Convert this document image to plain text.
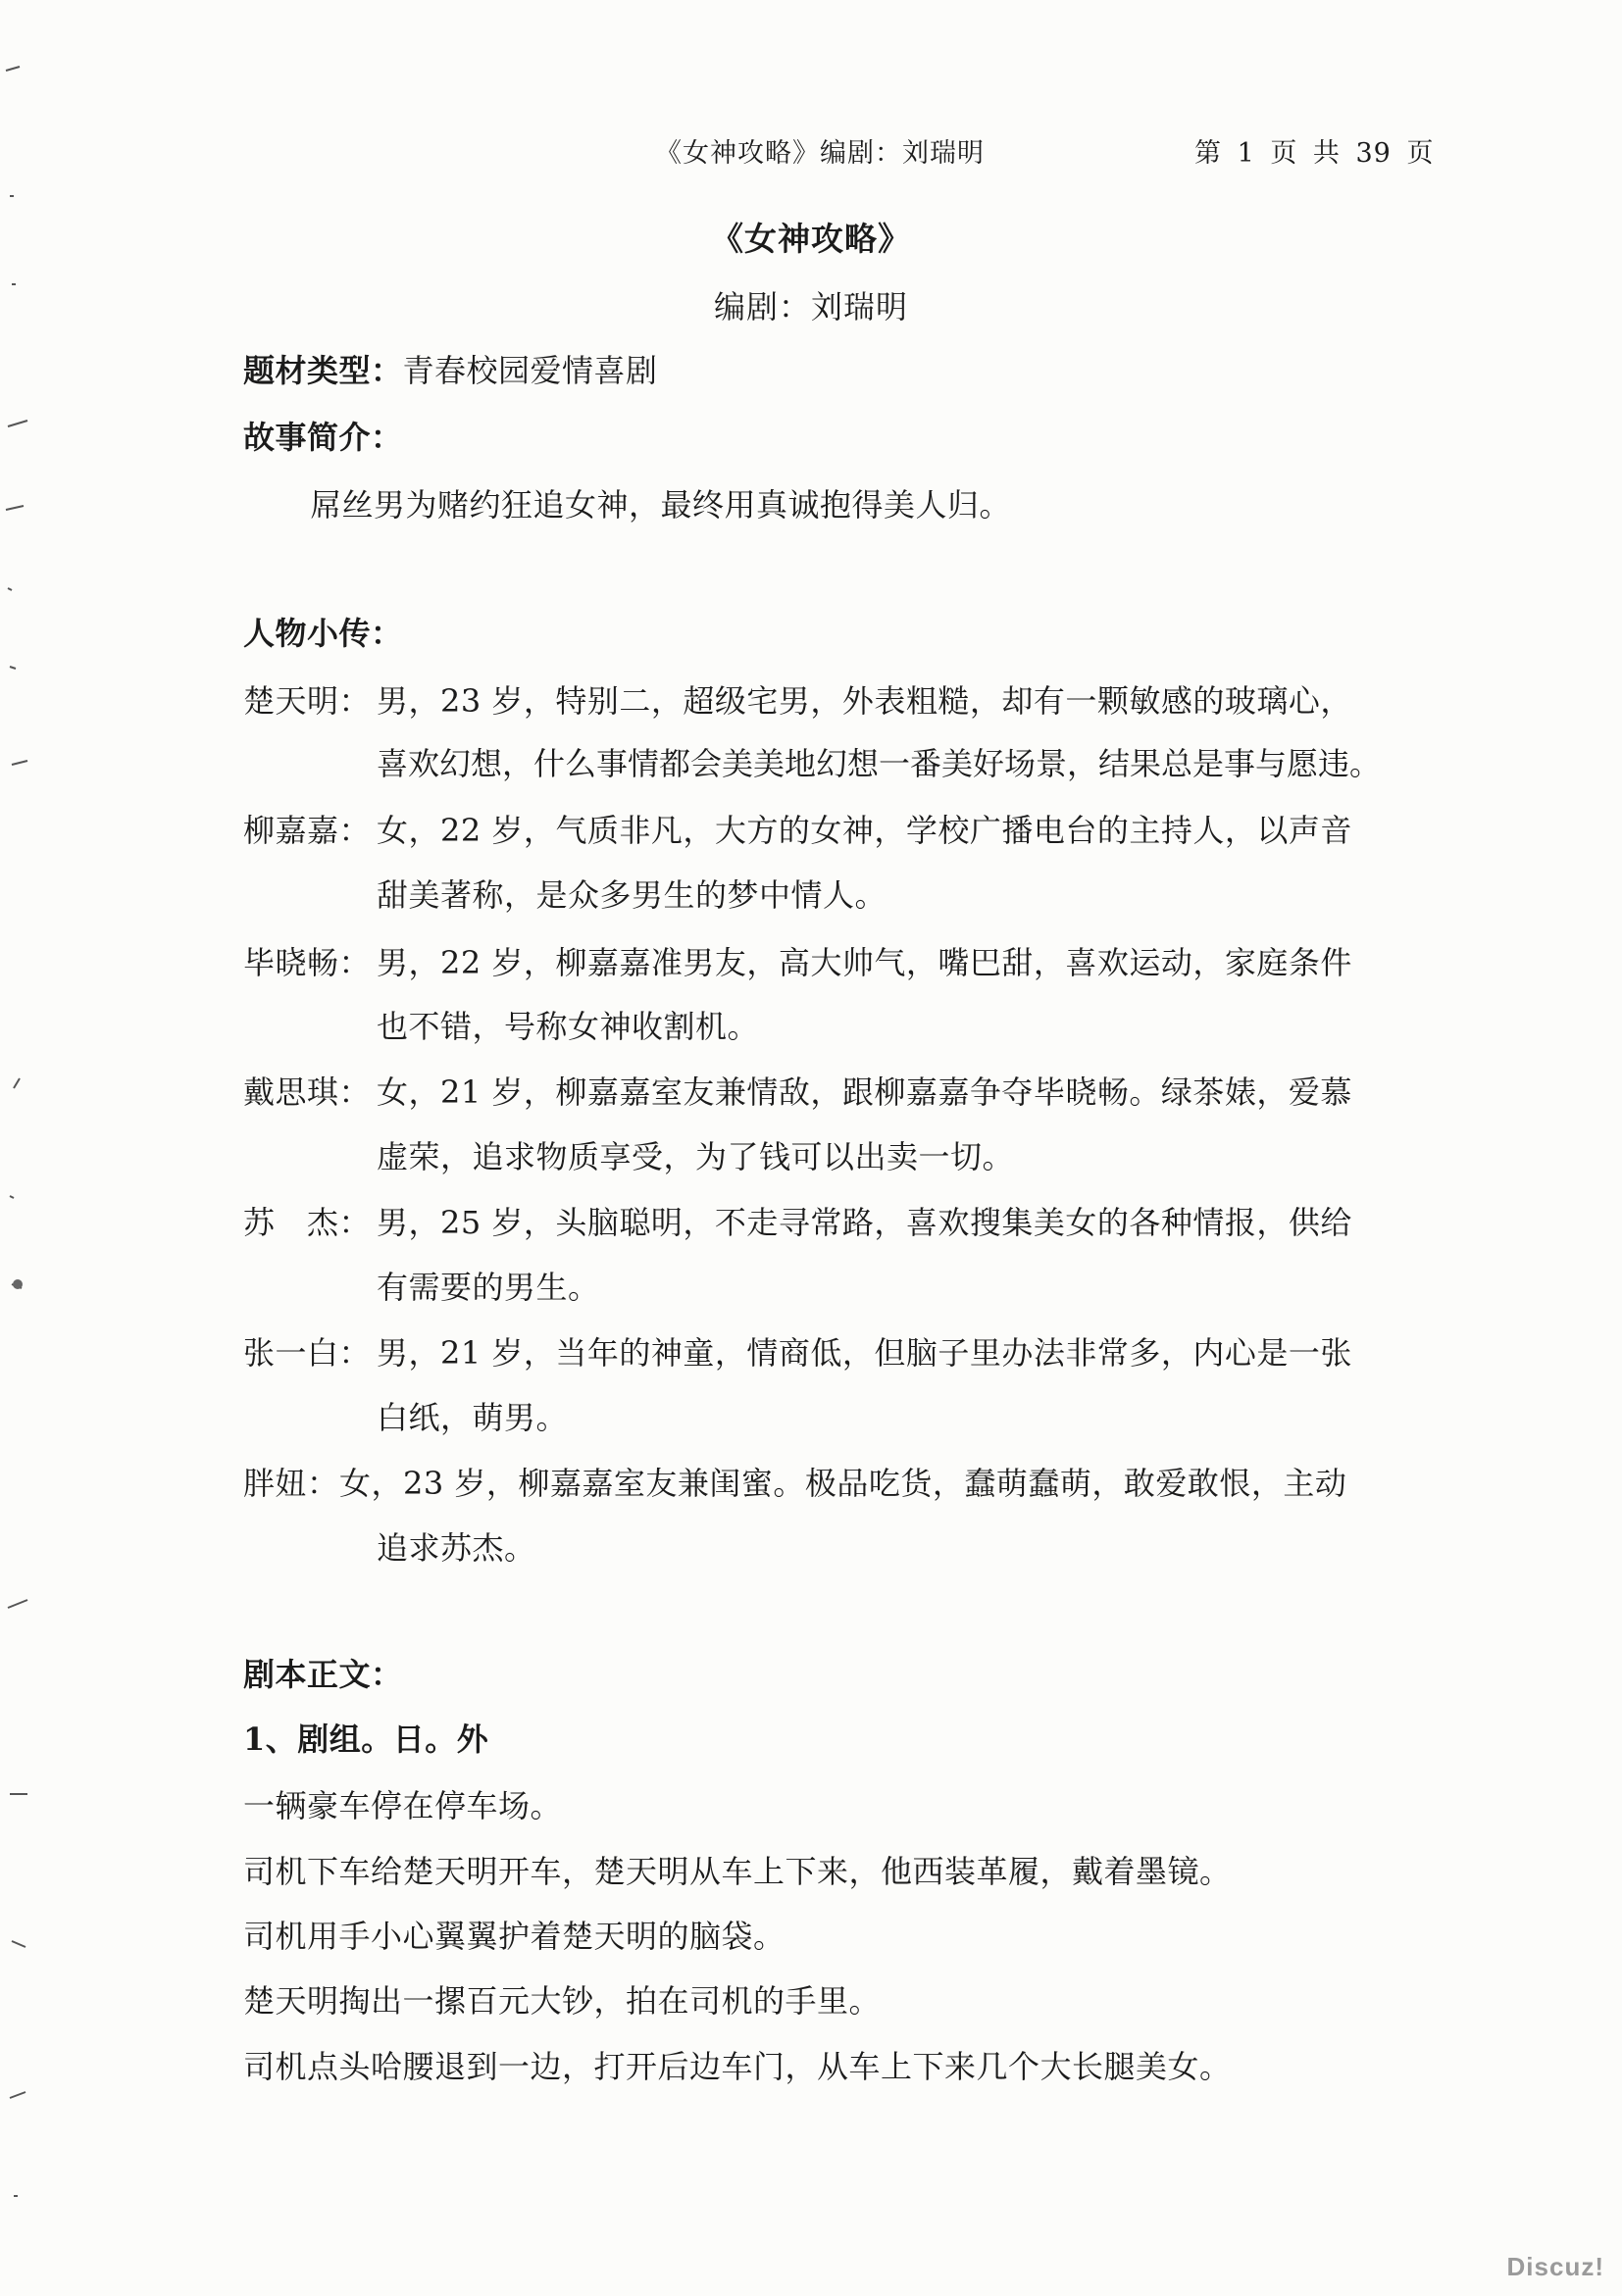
《女神攻略》编剧：刘瑞明	第 1 页 共 39 页
《女神攻略》
编剧：刘瑞明
题材类型：青春校园爱情喜剧
故事简介：
屌丝男为赌约狂追女神，最终用真诚抱得美人归。
人物小传：
楚天明： 男，23 岁，特别二，超级宅男，外表粗糙，却有一颗敏感的玻璃心，
喜欢幻想，什么事情都会美美地幻想一番美好场景，结果总是事与愿违。
柳嘉嘉： 女，22 岁，气质非凡，大方的女神，学校广播电台的主持人，以声音
甜美著称，是众多男生的梦中情人。
毕晓畅： 男，22 岁，柳嘉嘉准男友，高大帅气，嘴巴甜，喜欢运动，家庭条件
也不错，号称女神收割机。
戴思琪： 女，21 岁，柳嘉嘉室友兼情敌，跟柳嘉嘉争夺毕晓畅。绿茶婊，爱慕
虚荣，追求物质享受，为了钱可以出卖一切。
苏　杰： 男，25 岁，头脑聪明，不走寻常路，喜欢搜集美女的各种情报，供给
有需要的男生。
张一白： 男，21 岁，当年的神童，情商低，但脑子里办法非常多，内心是一张
白纸，萌男。
胖妞： 女，23 岁，柳嘉嘉室友兼闺蜜。极品吃货，蠢萌蠢萌，敢爱敢恨，主动
追求苏杰。
剧本正文：
1、剧组。日。外
一辆豪车停在停车场。
司机下车给楚天明开车，楚天明从车上下来，他西装革履，戴着墨镜。
司机用手小心翼翼护着楚天明的脑袋。
楚天明掏出一摞百元大钞，拍在司机的手里。
司机点头哈腰退到一边，打开后边车门，从车上下来几个大长腿美女。
Discuz!
